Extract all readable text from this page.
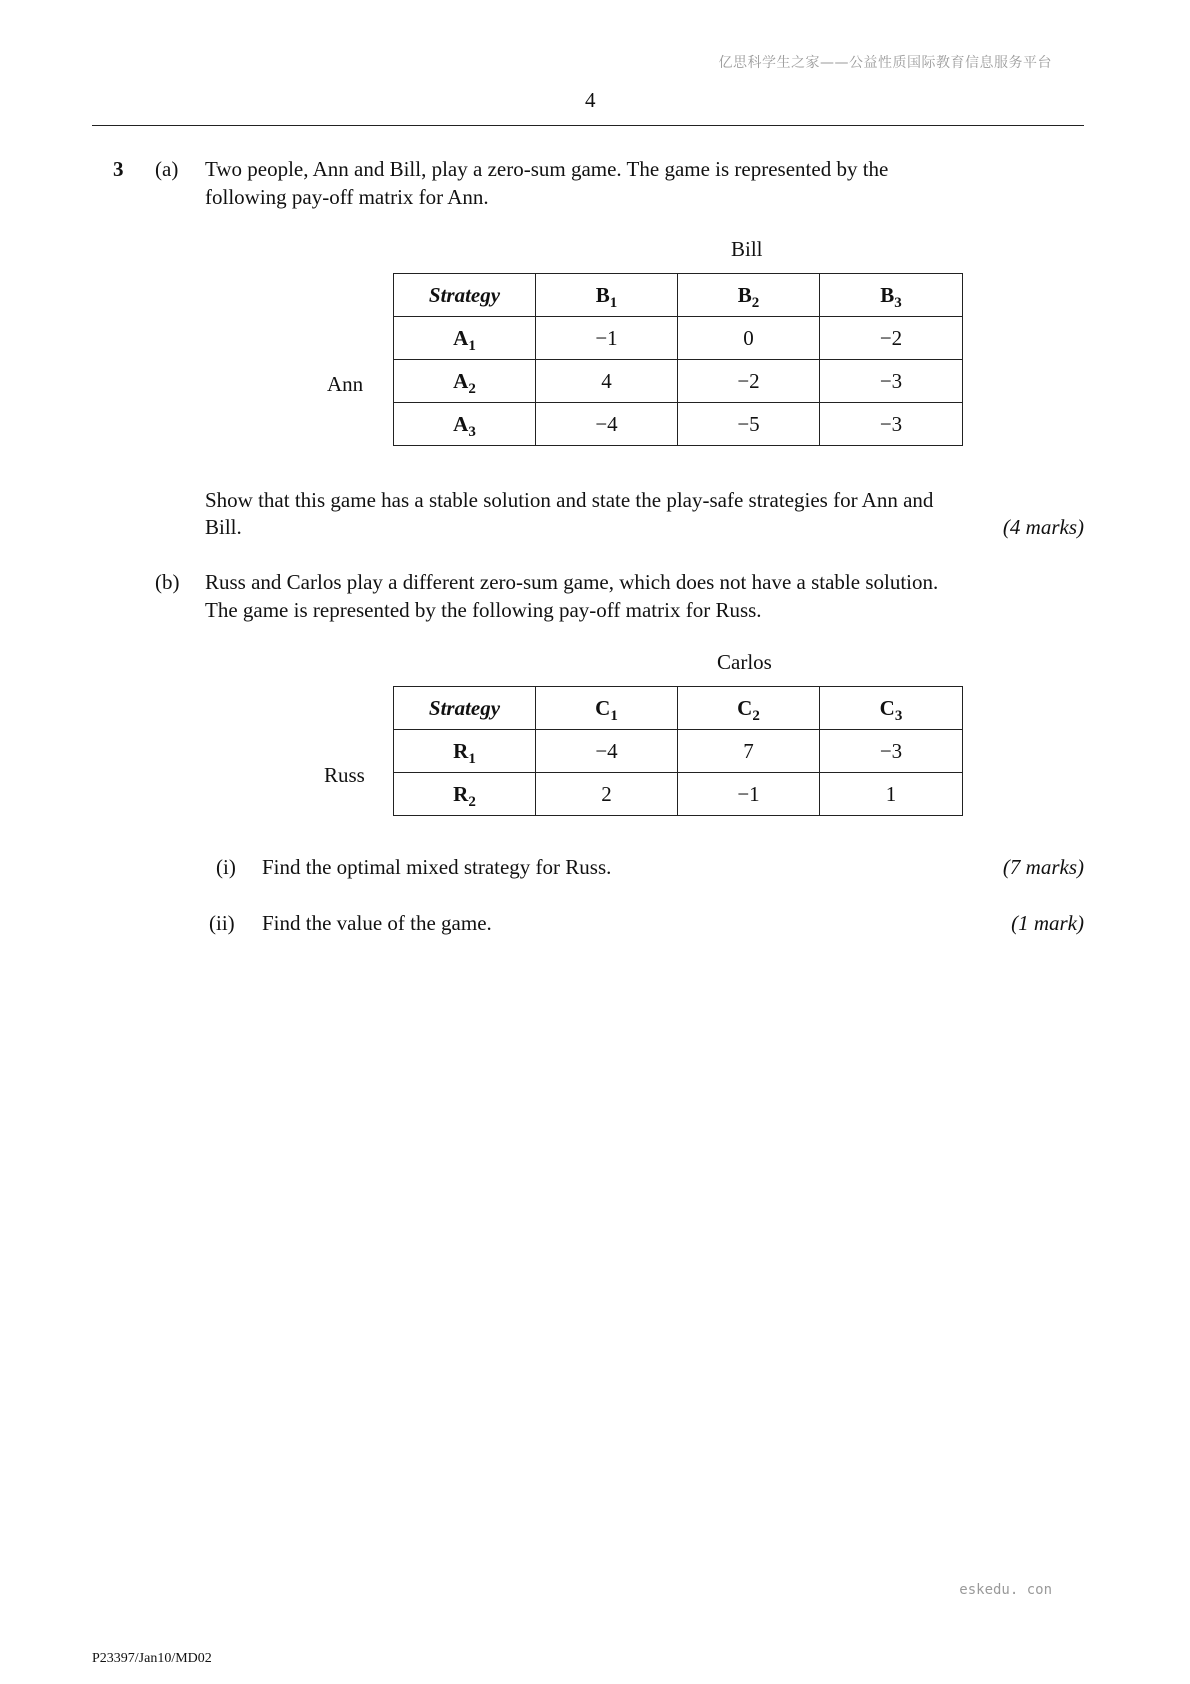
亿思科学生之家——公益性质国际教育信息服务平台
4
3 (a) Two people, Ann and Bill, play a zero-sum game. The game is represented by the
following pay-off matrix for Ann.
Bill
Ann
Strategy	$B_1$	$B_2$	$B_3$
$A_1$	−1	0	−2
$A_2$	4	−2	−3
$A_3$	−4	−5	−3
Show that this game has a stable solution and state the play-safe strategies for Ann and
Bill.	(4 marks)
(b) Russ and Carlos play a different zero-sum game, which does not have a stable solution.
The game is represented by the following pay-off matrix for Russ.
Carlos
Russ
Strategy	$C_1$	$C_2$	$C_3$
$R_1$	−4	7	−3
$R_2$	2	−1	1
(i) Find the optimal mixed strategy for Russ.	(7 marks)
(ii) Find the value of the game.	(1 mark)
eskedu. con
P23397/Jan10/MD02
